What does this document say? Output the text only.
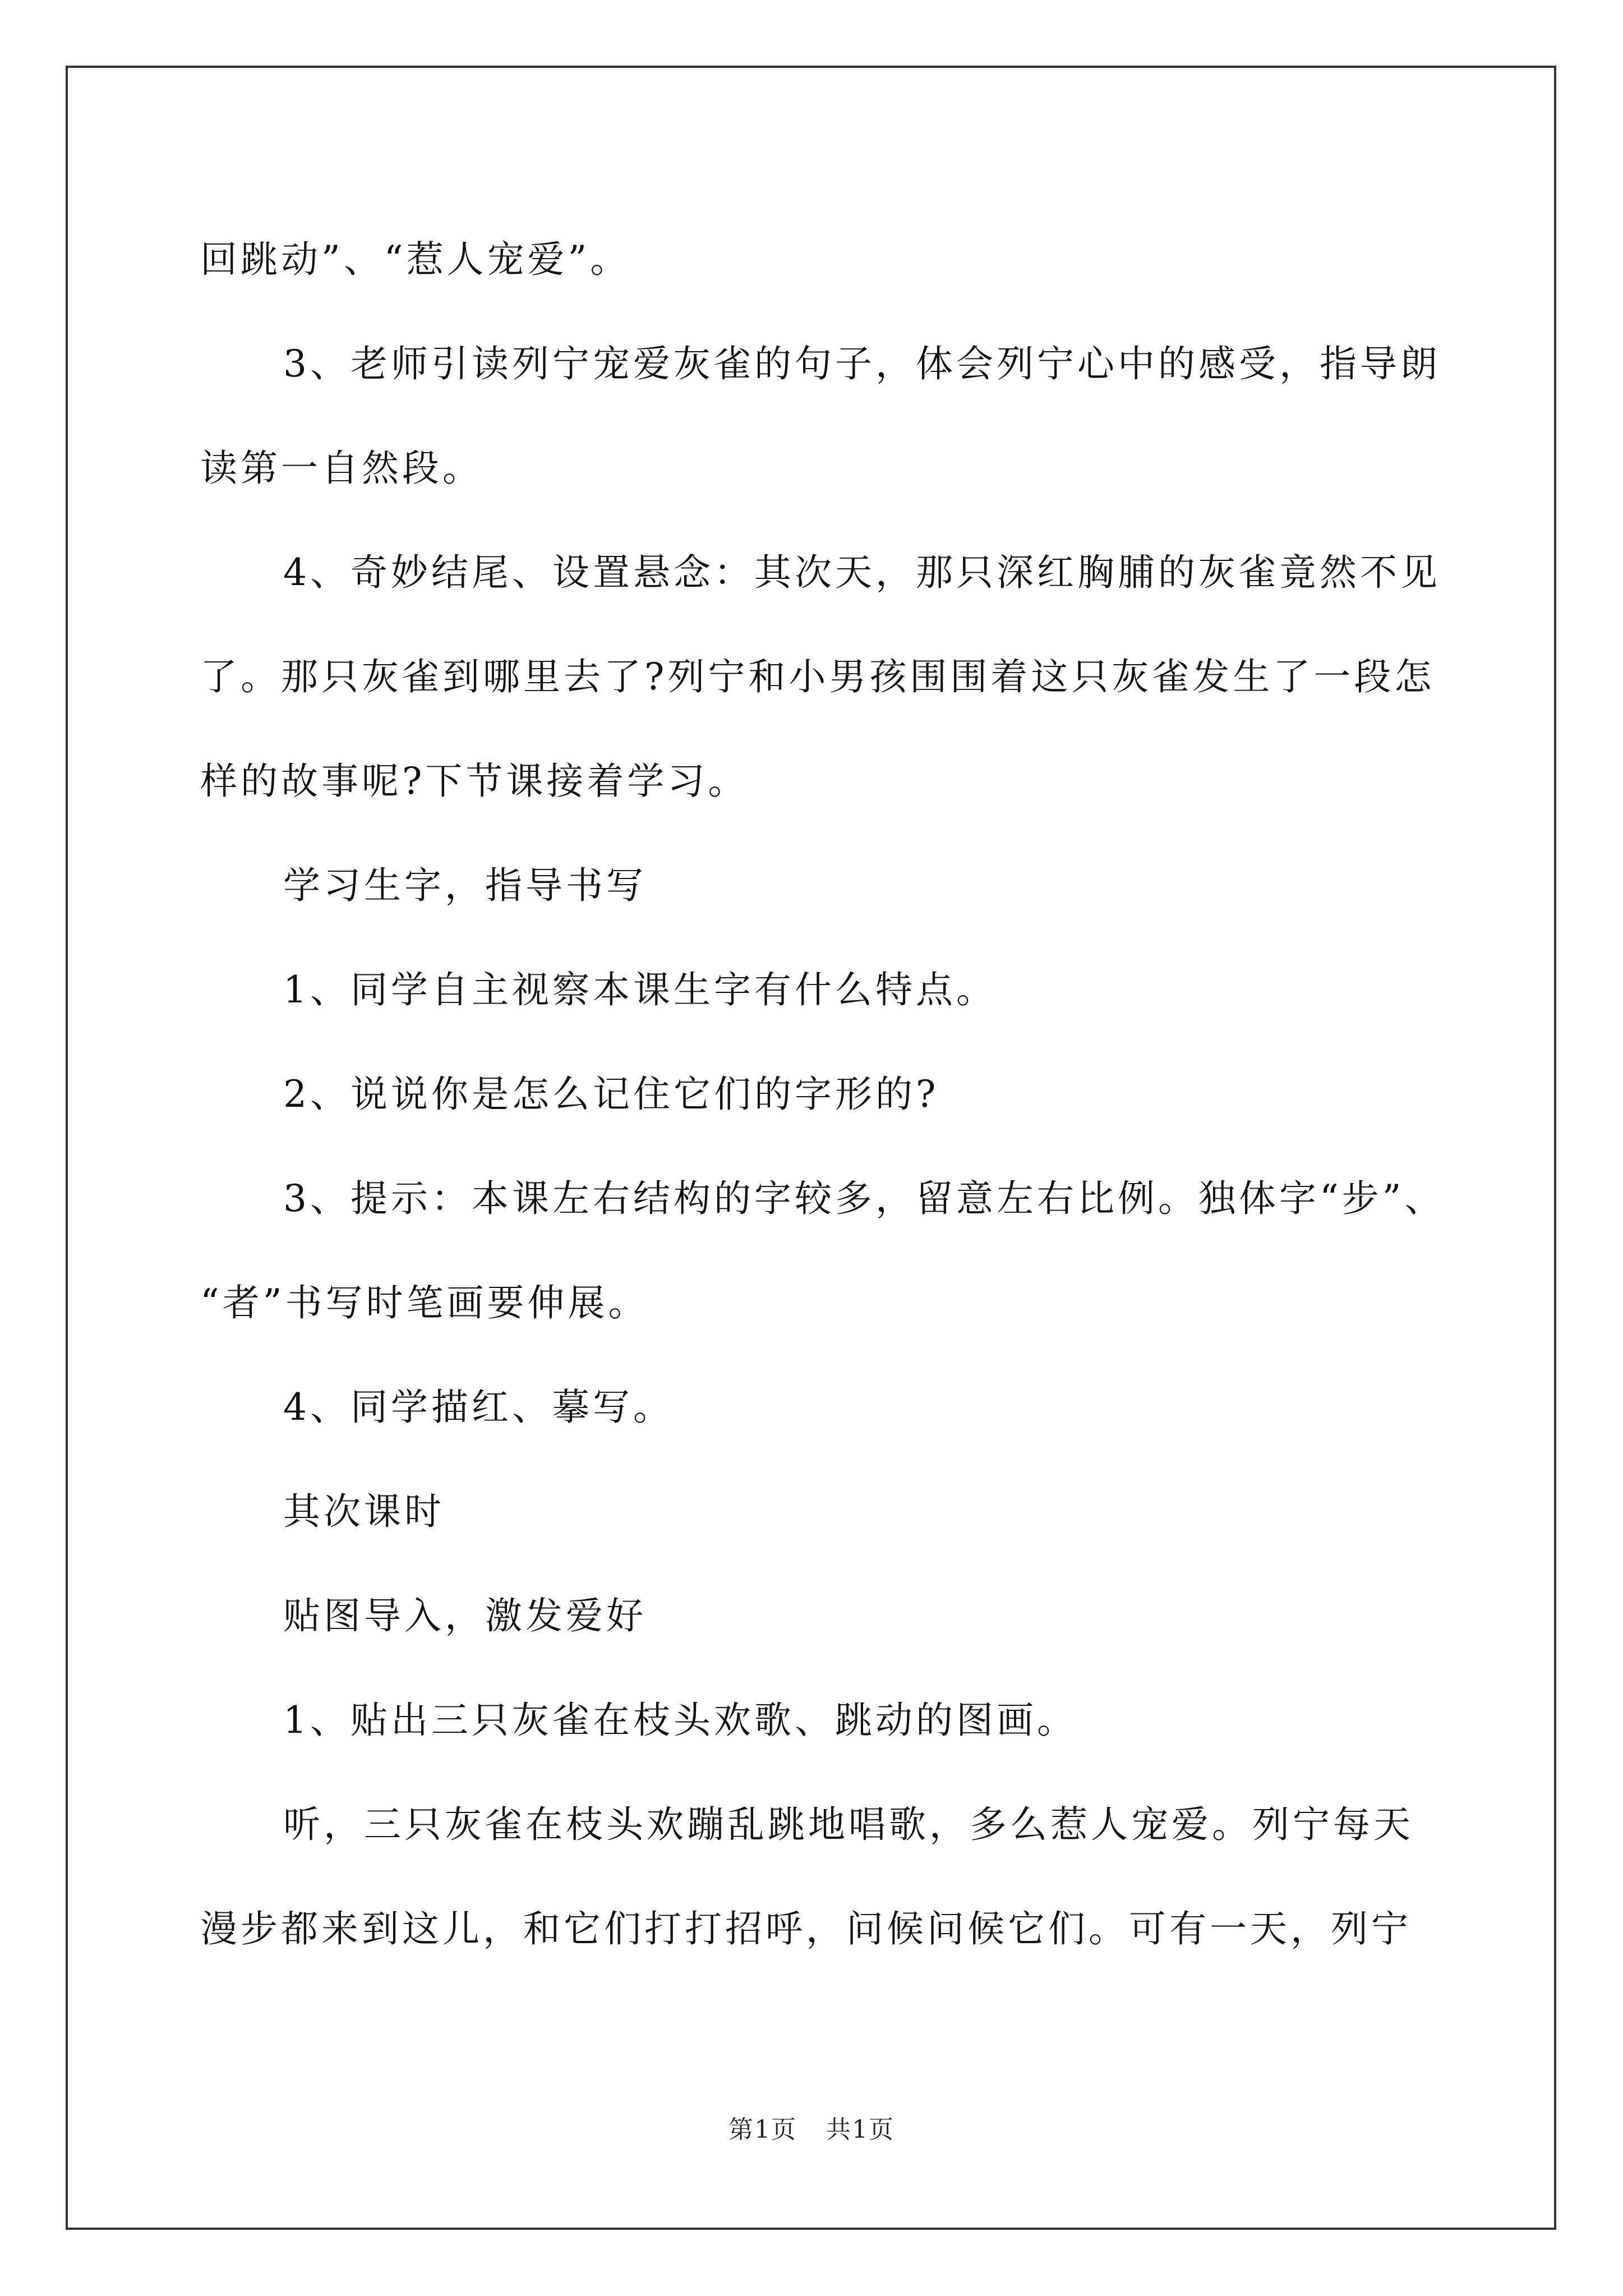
回跳动”、“惹人宠爱”。
3、老师引读列宁宠爱灰雀的句子，体会列宁心中的感受，指导朗
读第一自然段。
4、奇妙结尾、设置悬念：其次天，那只深红胸脯的灰雀竟然不见
了。那只灰雀到哪里去了?列宁和小男孩围围着这只灰雀发生了一段怎
样的故事呢?下节课接着学习。
学习生字，指导书写
1、同学自主视察本课生字有什么特点。
2、说说你是怎么记住它们的字形的?
3、提示：本课左右结构的字较多，留意左右比例。独体字“步”、
“者”书写时笔画要伸展。
4、同学描红、摹写。
其次课时
贴图导入，激发爱好
1、贴出三只灰雀在枝头欢歌、跳动的图画。
听，三只灰雀在枝头欢蹦乱跳地唱歌，多么惹人宠爱。列宁每天
漫步都来到这儿，和它们打打招呼，问候问候它们。可有一天，列宁
第1页 共1页
